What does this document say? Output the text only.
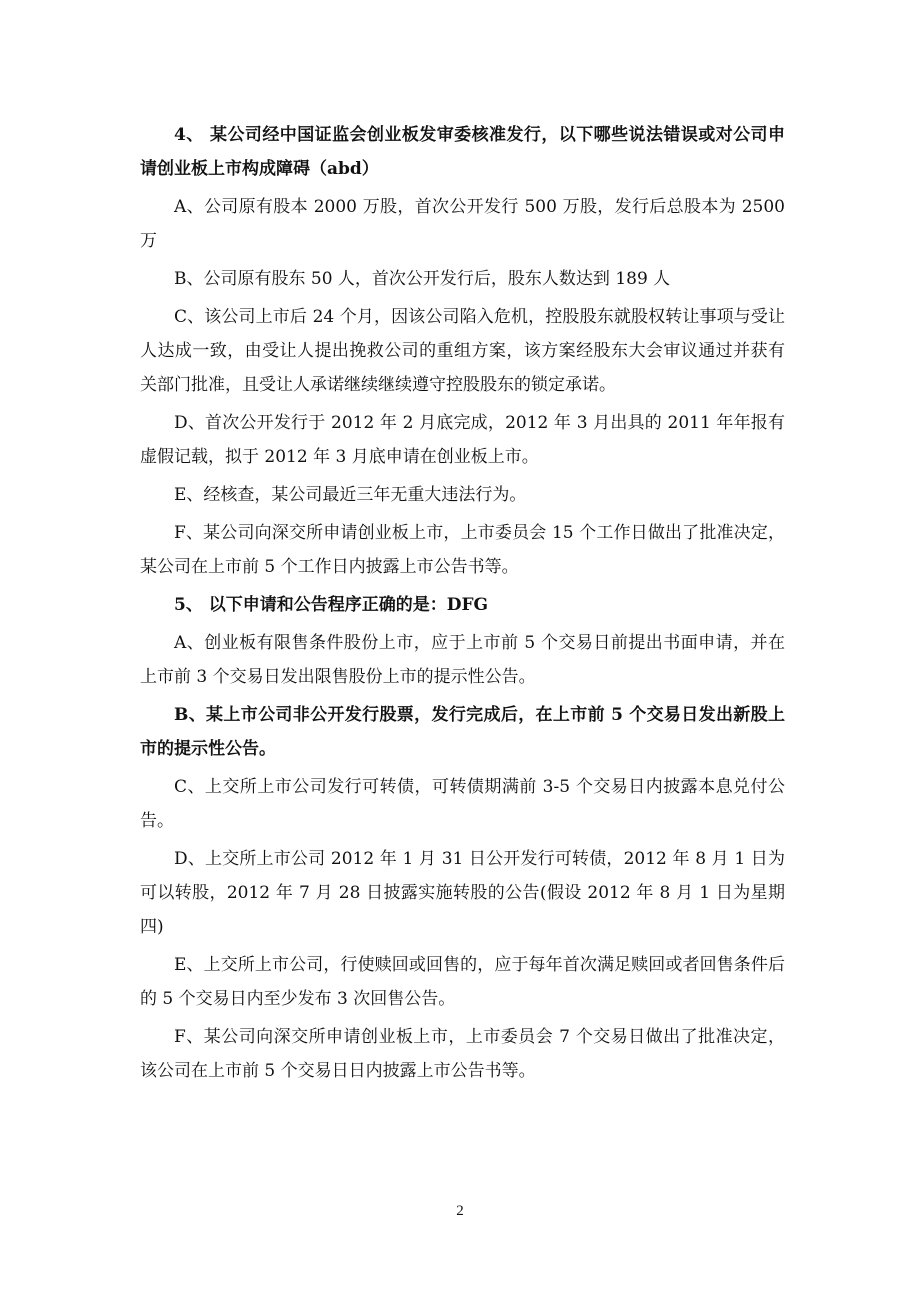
4、 某公司经中国证监会创业板发审委核准发行，以下哪些说法错误或对公司申请创业板上市构成障碍（abd）

A、公司原有股本 2000 万股，首次公开发行 500 万股，发行后总股本为 2500 万

B、公司原有股东 50 人，首次公开发行后，股东人数达到 189 人

C、该公司上市后 24 个月，因该公司陷入危机，控股股东就股权转让事项与受让人达成一致，由受让人提出挽救公司的重组方案，该方案经股东大会审议通过并获有关部门批准，且受让人承诺继续继续遵守控股股东的锁定承诺。

D、首次公开发行于 2012 年 2 月底完成，2012 年 3 月出具的 2011 年年报有虚假记载，拟于 2012 年 3 月底申请在创业板上市。

E、经核查，某公司最近三年无重大违法行为。

F、某公司向深交所申请创业板上市，上市委员会 15 个工作日做出了批准决定，某公司在上市前 5 个工作日内披露上市公告书等。

5、 以下申请和公告程序正确的是：DFG

A、创业板有限售条件股份上市，应于上市前 5 个交易日前提出书面申请，并在上市前 3 个交易日发出限售股份上市的提示性公告。

B、某上市公司非公开发行股票，发行完成后，在上市前 5 个交易日发出新股上市的提示性公告。

C、上交所上市公司发行可转债，可转债期满前 3-5 个交易日内披露本息兑付公告。

D、上交所上市公司 2012 年 1 月 31 日公开发行可转债，2012 年 8 月 1 日为可以转股，2012 年 7 月 28 日披露实施转股的公告(假设 2012 年 8 月 1 日为星期四)

E、上交所上市公司，行使赎回或回售的，应于每年首次满足赎回或者回售条件后的 5 个交易日内至少发布 3 次回售公告。

F、某公司向深交所申请创业板上市，上市委员会 7 个交易日做出了批准决定，该公司在上市前 5 个交易日日内披露上市公告书等。

2
